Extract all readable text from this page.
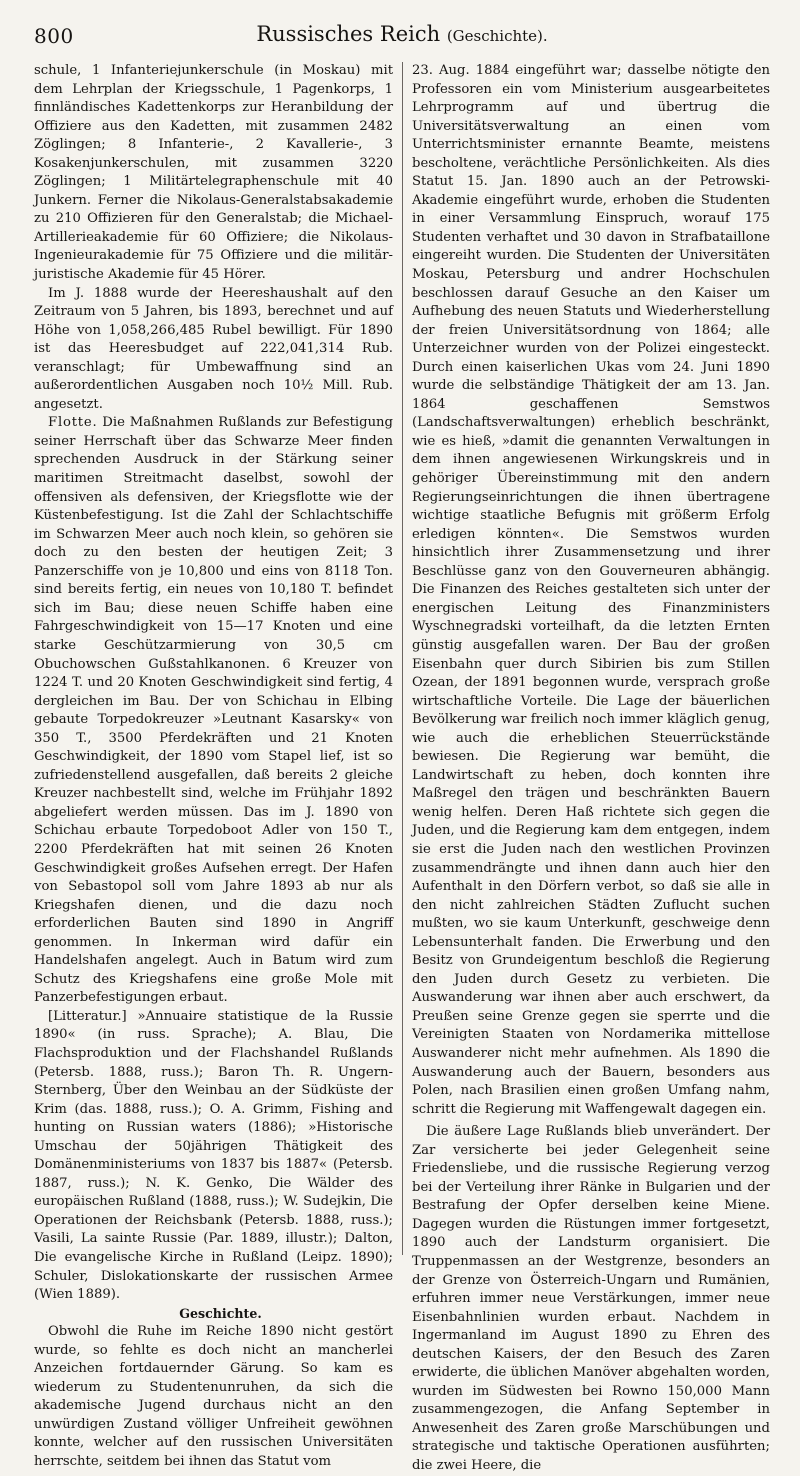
800	Russisches Reich (Geschichte).

schule, 1 Infanteriejunkerschule (in Moskau) mit dem Lehrplan der Kriegsschule, 1 Pagenkorps, 1 finnländisches Kadettenkorps zur Heranbildung der Offiziere aus den Kadetten, mit zusammen 2482 Zöglingen; 8 Infanterie-, 2 Kavallerie-, 3 Kosakenjunkerschulen, mit zusammen 3220 Zöglingen; 1 Militärtelegraphenschule mit 40 Junkern. Ferner die Nikolaus-Generalstabsakademie zu 210 Offizieren für den Generalstab; die Michael-Artillerieakademie für 60 Offiziere; die Nikolaus-Ingenieurakademie für 75 Offiziere und die militär-juristische Akademie für 45 Hörer.

Im J. 1888 wurde der Heereshaushalt auf den Zeitraum von 5 Jahren, bis 1893, berechnet und auf Höhe von 1,058,266,485 Rubel bewilligt. Für 1890 ist das Heeresbudget auf 222,041,314 Rub. veranschlagt; für Umbewaffnung sind an außerordentlichen Ausgaben noch 10½ Mill. Rub. angesetzt.

Flotte. Die Maßnahmen Rußlands zur Befestigung seiner Herrschaft über das Schwarze Meer finden sprechenden Ausdruck in der Stärkung seiner maritimen Streitmacht daselbst, sowohl der offensiven als defensiven, der Kriegsflotte wie der Küstenbefestigung. Ist die Zahl der Schlachtschiffe im Schwarzen Meer auch noch klein, so gehören sie doch zu den besten der heutigen Zeit; 3 Panzerschiffe von je 10,800 und eins von 8118 Ton. sind bereits fertig, ein neues von 10,180 T. befindet sich im Bau; diese neuen Schiffe haben eine Fahrgeschwindigkeit von 15—17 Knoten und eine starke Geschützarmierung von 30,5 cm Obuchowschen Gußstahlkanonen. 6 Kreuzer von 1224 T. und 20 Knoten Geschwindigkeit sind fertig, 4 dergleichen im Bau. Der von Schichau in Elbing gebaute Torpedokreuzer »Leutnant Kasarsky« von 350 T., 3500 Pferdekräften und 21 Knoten Geschwindigkeit, der 1890 vom Stapel lief, ist so zufriedenstellend ausgefallen, daß bereits 2 gleiche Kreuzer nachbestellt sind, welche im Frühjahr 1892 abgeliefert werden müssen. Das im J. 1890 von Schichau erbaute Torpedoboot Adler von 150 T., 2200 Pferdekräften hat mit seinen 26 Knoten Geschwindigkeit großes Aufsehen erregt. Der Hafen von Sebastopol soll vom Jahre 1893 ab nur als Kriegshafen dienen, und die dazu noch erforderlichen Bauten sind 1890 in Angriff genommen. In Inkerman wird dafür ein Handelshafen angelegt. Auch in Batum wird zum Schutz des Kriegshafens eine große Mole mit Panzerbefestigungen erbaut.

[Litteratur.] »Annuaire statistique de la Russie 1890« (in russ. Sprache); A. Blau, Die Flachsproduktion und der Flachshandel Rußlands (Petersb. 1888, russ.); Baron Th. R. Ungern-Sternberg, Über den Weinbau an der Südküste der Krim (das. 1888, russ.); O. A. Grimm, Fishing and hunting on Russian waters (1886); »Historische Umschau der 50jährigen Thätigkeit des Domänenministeriums von 1837 bis 1887« (Petersb. 1887, russ.); N. K. Genko, Die Wälder des europäischen Rußland (1888, russ.); W. Sudejkin, Die Operationen der Reichsbank (Petersb. 1888, russ.); Vasili, La sainte Russie (Par. 1889, illustr.); Dalton, Die evangelische Kirche in Rußland (Leipz. 1890); Schuler, Dislokationskarte der russischen Armee (Wien 1889).

Geschichte.

Obwohl die Ruhe im Reiche 1890 nicht gestört wurde, so fehlte es doch nicht an mancherlei Anzeichen fortdauernder Gärung. So kam es wiederum zu Studentenunruhen, da sich die akademische Jugend durchaus nicht an den unwürdigen Zustand völliger Unfreiheit gewöhnen konnte, welcher auf den russischen Universitäten herrschte, seitdem bei ihnen das Statut vom

23. Aug. 1884 eingeführt war; dasselbe nötigte den Professoren ein vom Ministerium ausgearbeitetes Lehrprogramm auf und übertrug die Universitätsverwaltung an einen vom Unterrichtsminister ernannte Beamte, meistens bescholtene, verächtliche Persönlichkeiten. Als dies Statut 15. Jan. 1890 auch an der Petrowski-Akademie eingeführt wurde, erhoben die Studenten in einer Versammlung Einspruch, worauf 175 Studenten verhaftet und 30 davon in Strafbataillone eingereiht wurden. Die Studenten der Universitäten Moskau, Petersburg und andrer Hochschulen beschlossen darauf Gesuche an den Kaiser um Aufhebung des neuen Statuts und Wiederherstellung der freien Universitätsordnung von 1864; alle Unterzeichner wurden von der Polizei eingesteckt. Durch einen kaiserlichen Ukas vom 24. Juni 1890 wurde die selbständige Thätigkeit der am 13. Jan. 1864 geschaffenen Semstwos (Landschaftsverwaltungen) erheblich beschränkt, wie es hieß, »damit die genannten Verwaltungen in dem ihnen angewiesenen Wirkungskreis und in gehöriger Übereinstimmung mit den andern Regierungseinrichtungen die ihnen übertragene wichtige staatliche Befugnis mit größerm Erfolg erledigen könnten«. Die Semstwos wurden hinsichtlich ihrer Zusammensetzung und ihrer Beschlüsse ganz von den Gouverneuren abhängig. Die Finanzen des Reiches gestalteten sich unter der energischen Leitung des Finanzministers Wyschnegradski vorteilhaft, da die letzten Ernten günstig ausgefallen waren. Der Bau der großen Eisenbahn quer durch Sibirien bis zum Stillen Ozean, der 1891 begonnen wurde, versprach große wirtschaftliche Vorteile. Die Lage der bäuerlichen Bevölkerung war freilich noch immer kläglich genug, wie auch die erheblichen Steuerrückstände bewiesen. Die Regierung war bemüht, die Landwirtschaft zu heben, doch konnten ihre Maßregel den trägen und beschränkten Bauern wenig helfen. Deren Haß richtete sich gegen die Juden, und die Regierung kam dem entgegen, indem sie erst die Juden nach den westlichen Provinzen zusammendrängte und ihnen dann auch hier den Aufenthalt in den Dörfern verbot, so daß sie alle in den nicht zahlreichen Städten Zuflucht suchen mußten, wo sie kaum Unterkunft, geschweige denn Lebensunterhalt fanden. Die Erwerbung und den Besitz von Grundeigentum beschloß die Regierung den Juden durch Gesetz zu verbieten. Die Auswanderung war ihnen aber auch erschwert, da Preußen seine Grenze gegen sie sperrte und die Vereinigten Staaten von Nordamerika mittellose Auswanderer nicht mehr aufnehmen. Als 1890 die Auswanderung auch der Bauern, besonders aus Polen, nach Brasilien einen großen Umfang nahm, schritt die Regierung mit Waffengewalt dagegen ein.

Die äußere Lage Rußlands blieb unverändert. Der Zar versicherte bei jeder Gelegenheit seine Friedensliebe, und die russische Regierung verzog bei der Verteilung ihrer Ränke in Bulgarien und der Bestrafung der Opfer derselben keine Miene. Dagegen wurden die Rüstungen immer fortgesetzt, 1890 auch der Landsturm organisiert. Die Truppenmassen an der Westgrenze, besonders an der Grenze von Österreich-Ungarn und Rumänien, erfuhren immer neue Verstärkungen, immer neue Eisenbahnlinien wurden erbaut. Nachdem in Ingermanland im August 1890 zu Ehren des deutschen Kaisers, der den Besuch des Zaren erwiderte, die üblichen Manöver abgehalten worden, wurden im Südwesten bei Rowno 150,000 Mann zusammengezogen, die Anfang September in Anwesenheit des Zaren große Marschübungen und strategische und taktische Operationen ausführten; die zwei Heere, die
